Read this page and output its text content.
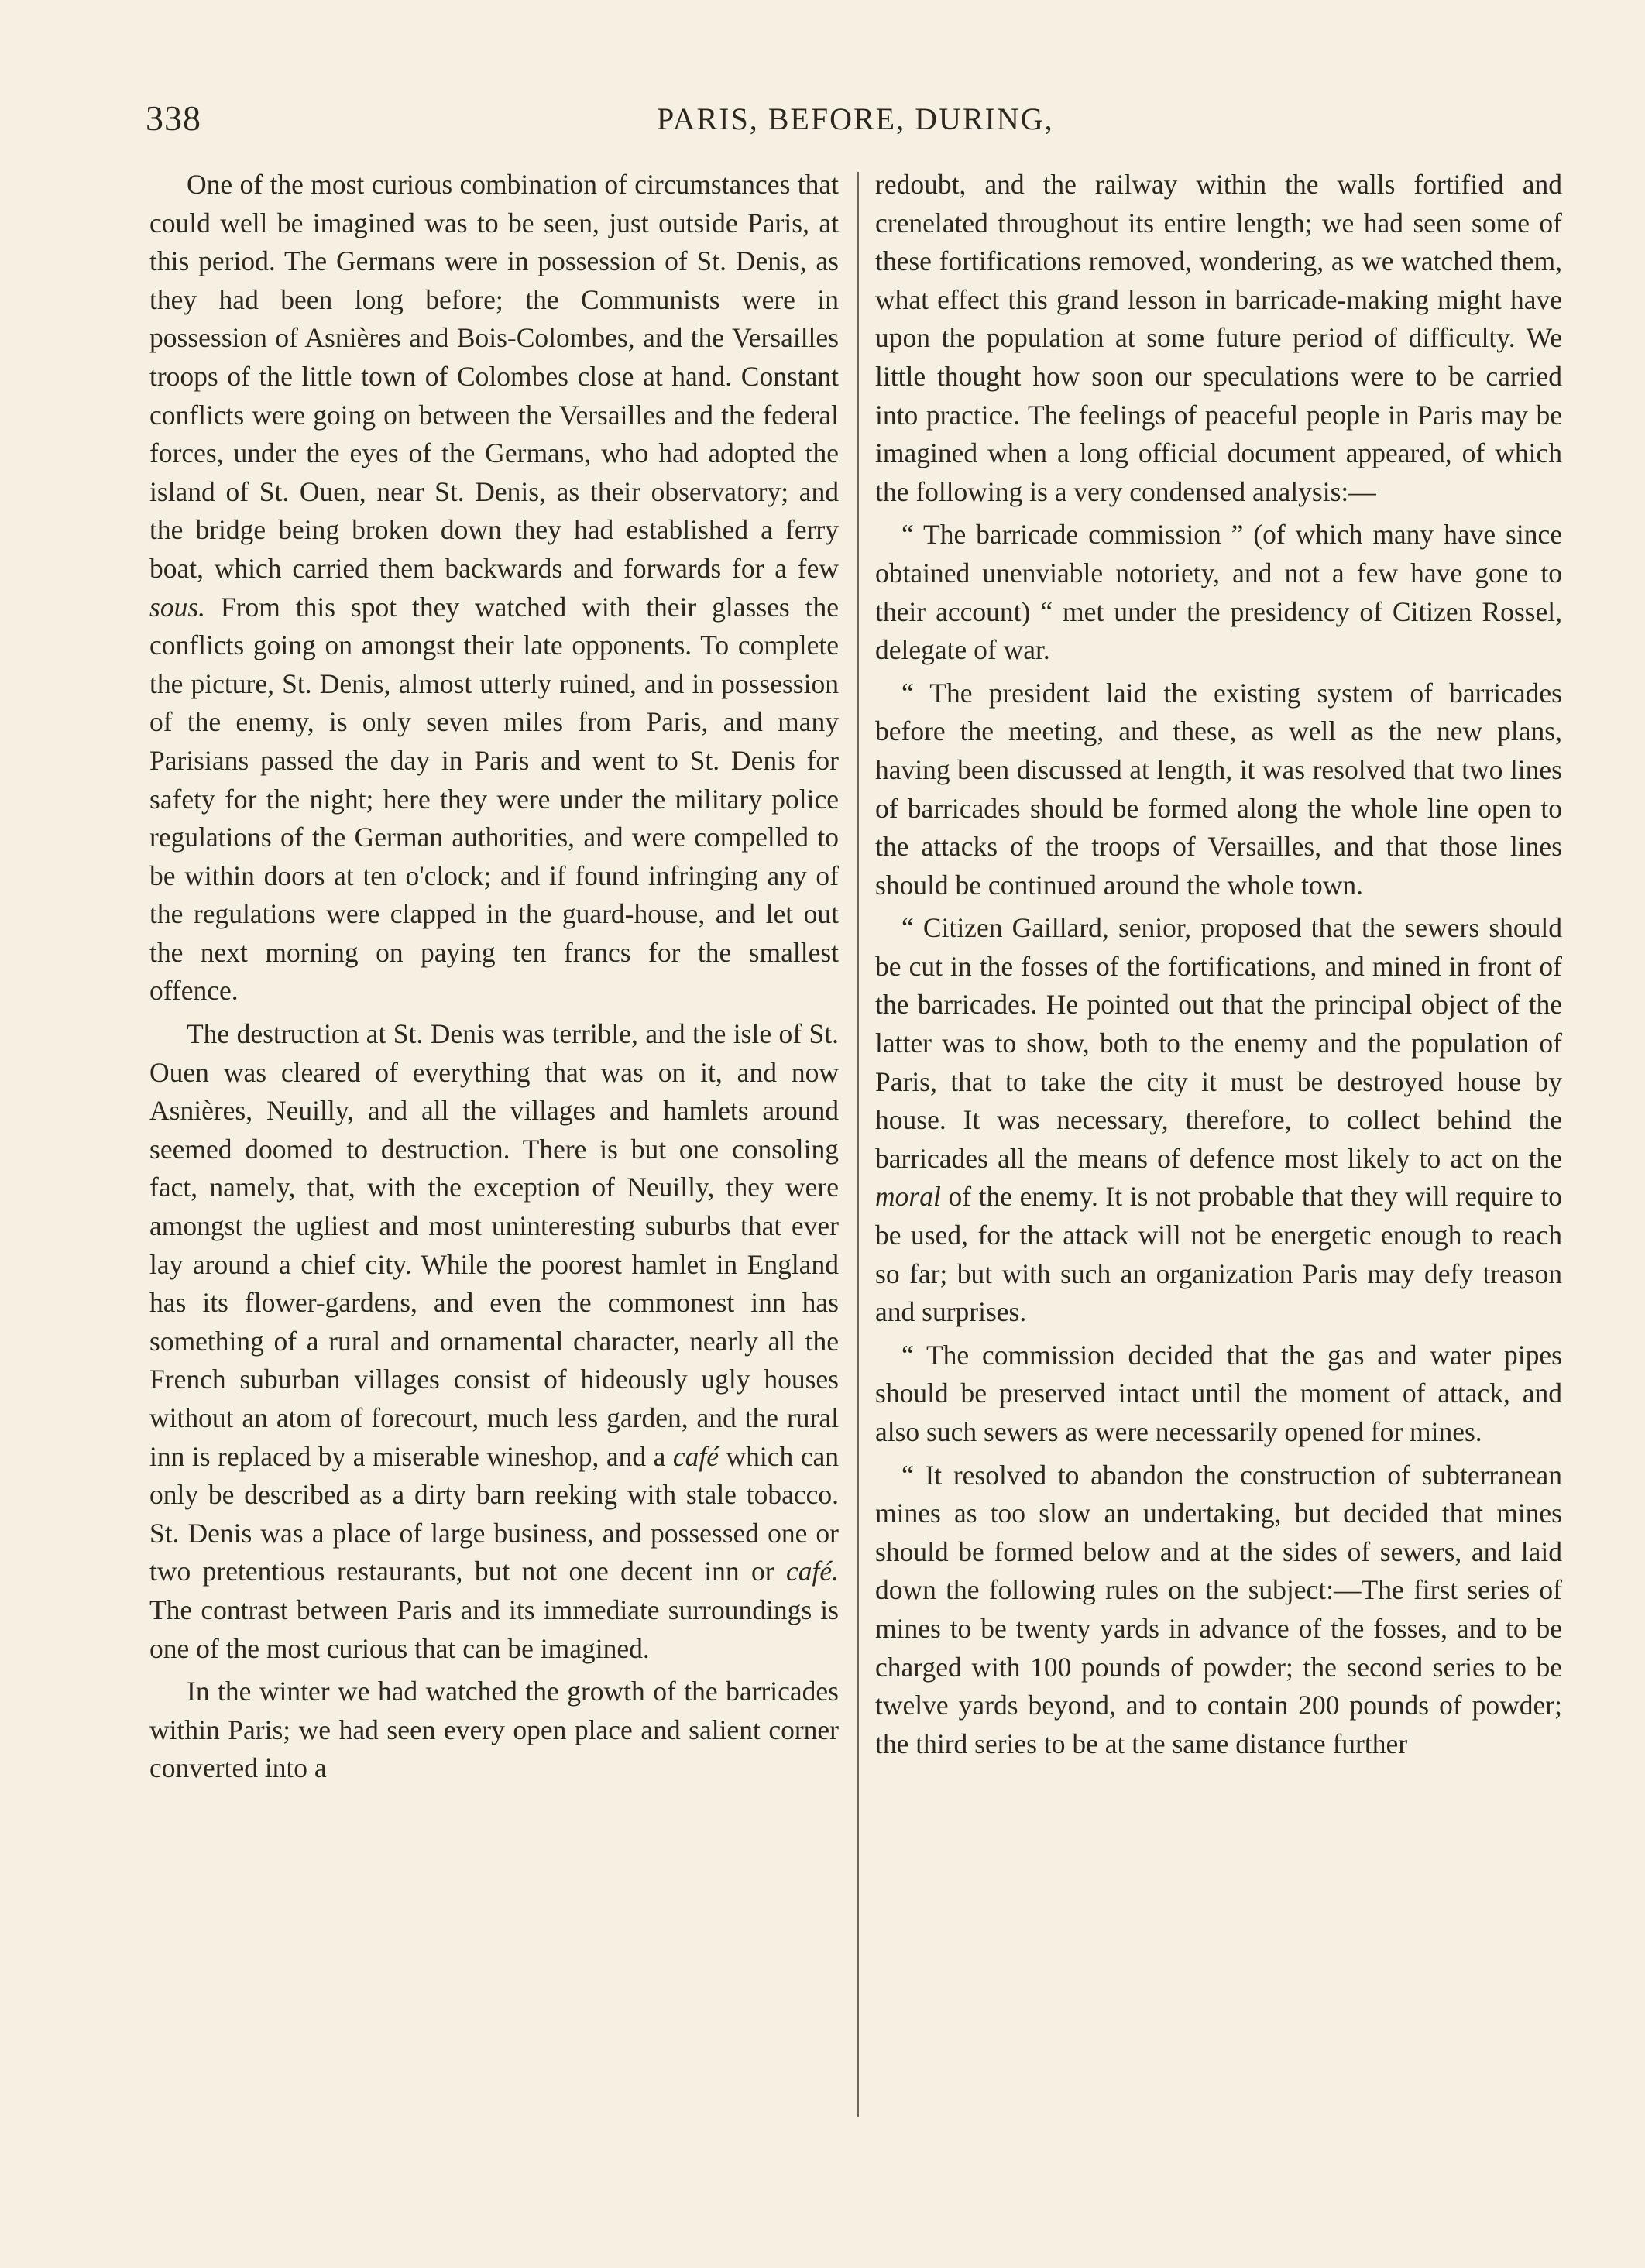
338	PARIS, BEFORE, DURING,

One of the most curious combination of circumstances that could well be imagined was to be seen, just outside Paris, at this period. The Germans were in possession of St. Denis, as they had been long before; the Communists were in possession of Asnières and Bois-Colombes, and the Versailles troops of the little town of Colombes close at hand. Constant conflicts were going on between the Versailles and the federal forces, under the eyes of the Germans, who had adopted the island of St. Ouen, near St. Denis, as their observatory; and the bridge being broken down they had established a ferry boat, which carried them backwards and forwards for a few sous. From this spot they watched with their glasses the conflicts going on amongst their late opponents. To complete the picture, St. Denis, almost utterly ruined, and in possession of the enemy, is only seven miles from Paris, and many Parisians passed the day in Paris and went to St. Denis for safety for the night; here they were under the military police regulations of the German authorities, and were compelled to be within doors at ten o'clock; and if found infringing any of the regulations were clapped in the guard-house, and let out the next morning on paying ten francs for the smallest offence.

The destruction at St. Denis was terrible, and the isle of St. Ouen was cleared of everything that was on it, and now Asnières, Neuilly, and all the villages and hamlets around seemed doomed to destruction. There is but one consoling fact, namely, that, with the exception of Neuilly, they were amongst the ugliest and most uninteresting suburbs that ever lay around a chief city. While the poorest hamlet in England has its flower-gardens, and even the commonest inn has something of a rural and ornamental character, nearly all the French suburban villages consist of hideously ugly houses without an atom of forecourt, much less garden, and the rural inn is replaced by a miserable wineshop, and a café which can only be described as a dirty barn reeking with stale tobacco. St. Denis was a place of large business, and possessed one or two pretentious restaurants, but not one decent inn or café. The contrast between Paris and its immediate surroundings is one of the most curious that can be imagined.

In the winter we had watched the growth of the barricades within Paris; we had seen every open place and salient corner converted into a

redoubt, and the railway within the walls fortified and crenelated throughout its entire length; we had seen some of these fortifications removed, wondering, as we watched them, what effect this grand lesson in barricade-making might have upon the population at some future period of difficulty. We little thought how soon our speculations were to be carried into practice. The feelings of peaceful people in Paris may be imagined when a long official document appeared, of which the following is a very condensed analysis:—

“ The barricade commission ” (of which many have since obtained unenviable notoriety, and not a few have gone to their account) “ met under the presidency of Citizen Rossel, delegate of war.

“ The president laid the existing system of barricades before the meeting, and these, as well as the new plans, having been discussed at length, it was resolved that two lines of barricades should be formed along the whole line open to the attacks of the troops of Versailles, and that those lines should be continued around the whole town.

“ Citizen Gaillard, senior, proposed that the sewers should be cut in the fosses of the fortifications, and mined in front of the barricades. He pointed out that the principal object of the latter was to show, both to the enemy and the population of Paris, that to take the city it must be destroyed house by house. It was necessary, therefore, to collect behind the barricades all the means of defence most likely to act on the moral of the enemy. It is not probable that they will require to be used, for the attack will not be energetic enough to reach so far; but with such an organization Paris may defy treason and surprises.

“ The commission decided that the gas and water pipes should be preserved intact until the moment of attack, and also such sewers as were necessarily opened for mines.

“ It resolved to abandon the construction of subterranean mines as too slow an undertaking, but decided that mines should be formed below and at the sides of sewers, and laid down the following rules on the subject:—The first series of mines to be twenty yards in advance of the fosses, and to be charged with 100 pounds of powder; the second series to be twelve yards beyond, and to contain 200 pounds of powder; the third series to be at the same distance further
